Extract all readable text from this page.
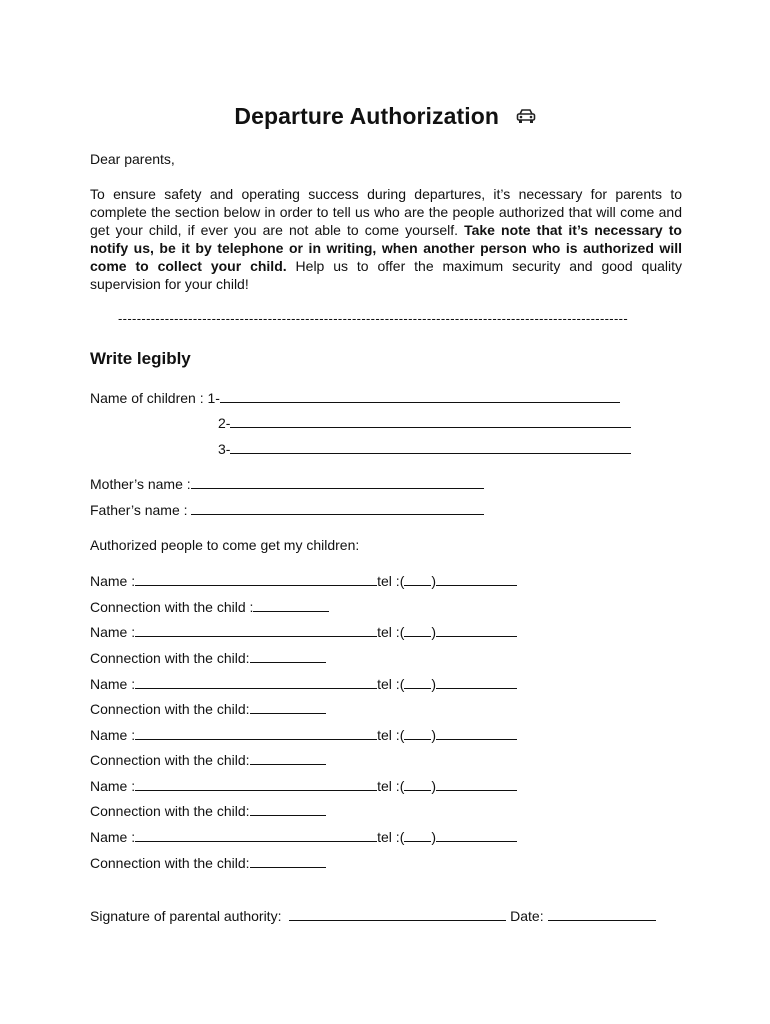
Departure Authorization
Dear parents,

To ensure safety and operating success during departures, it’s necessary for parents to complete the section below in order to tell us who are the people authorized that will come and get your child, if ever you are not able to come yourself. Take note that it’s necessary to notify us, be it by telephone or in writing, when another person who is authorized will come to collect your child. Help us to offer the maximum security and good quality supervision for your child!

-------------------------------------------------------------------------------------------------------------
Write legibly
Name of children : 1-
2-
3-
Mother’s name :
Father’s name :
Authorized people to come get my children:
Name :	tel :( )
Connection with the child :
Name :	tel :( )
Connection with the child:
Name :	tel :( )
Connection with the child:
Name :	tel :( )
Connection with the child:
Name :	tel :( )
Connection with the child:
Name :	tel :( )
Connection with the child:
Signature of parental authority:	Date:
